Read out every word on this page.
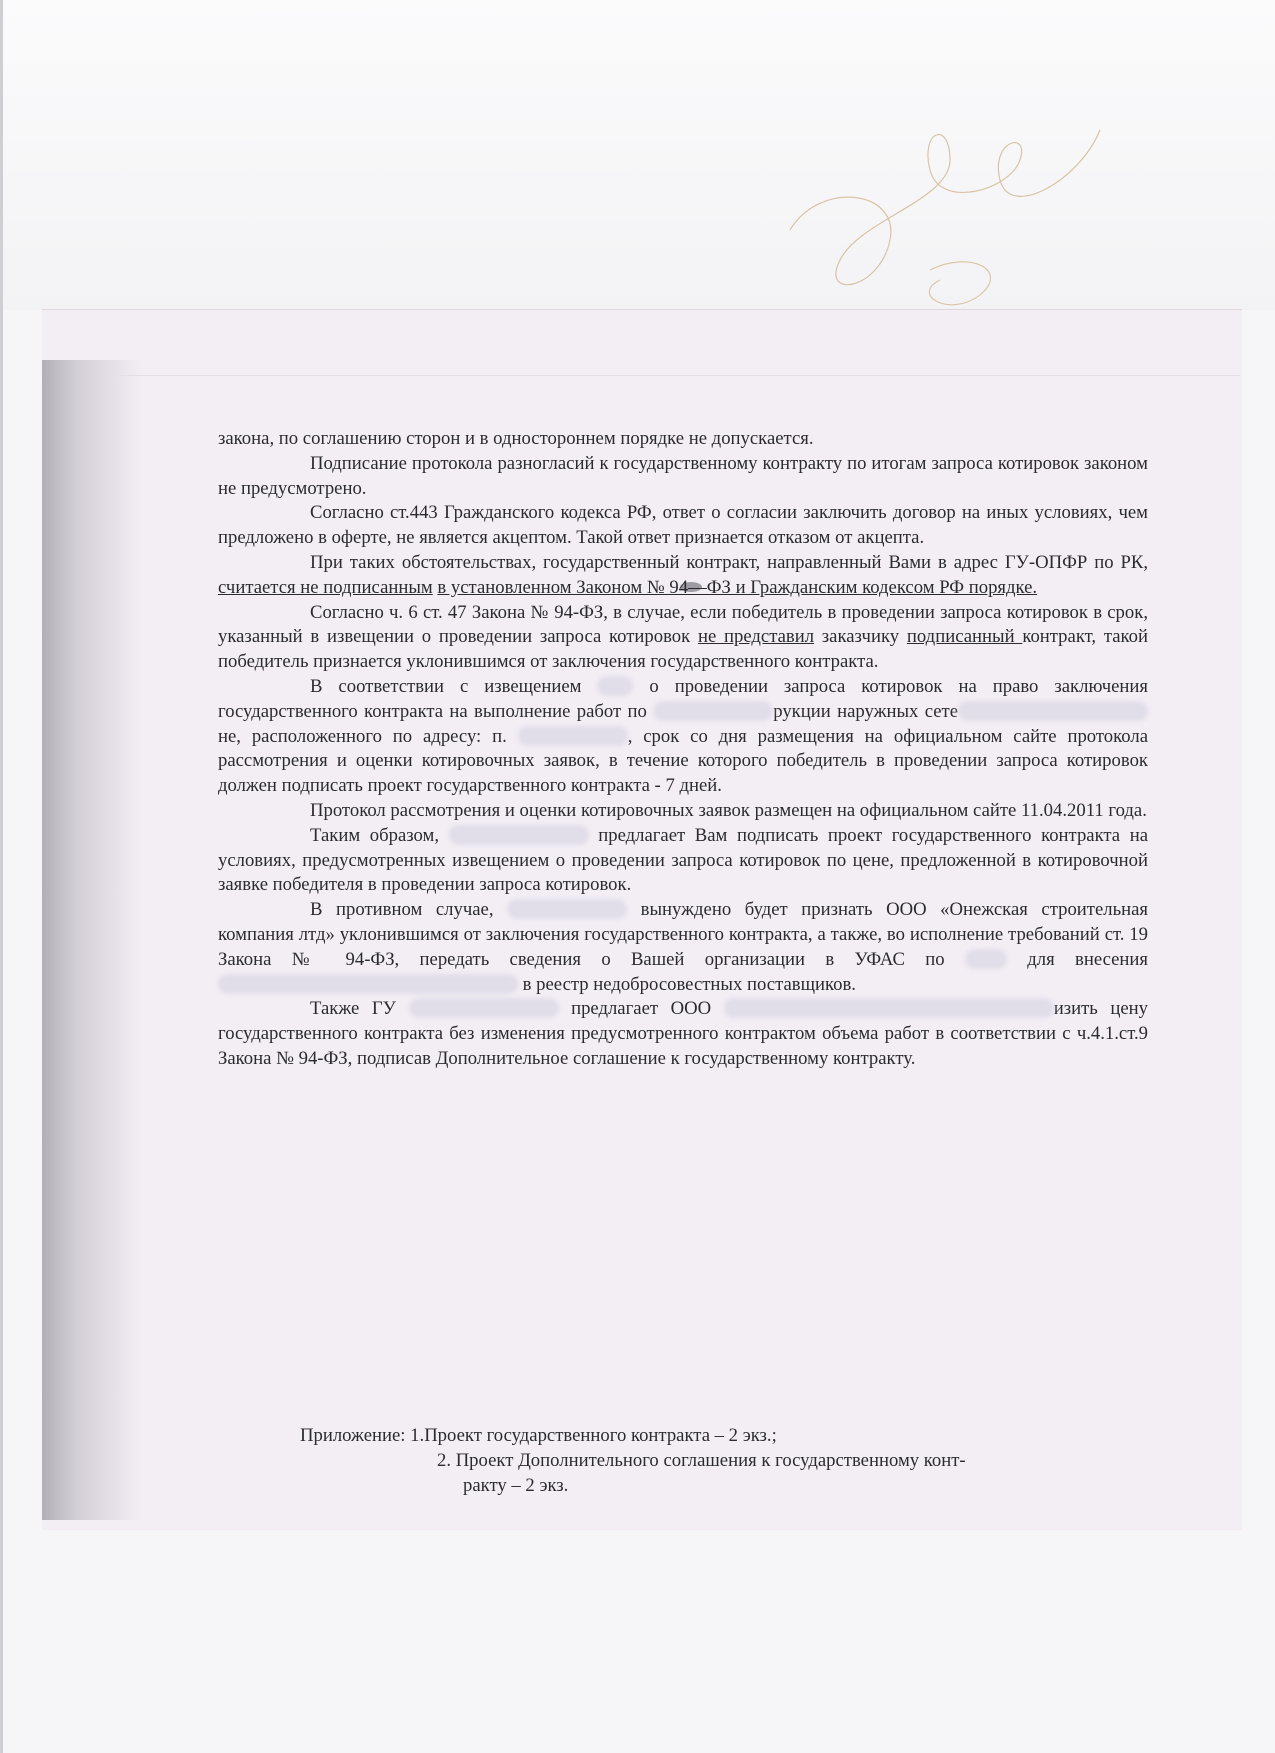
закона, по соглашению сторон и в одностороннем порядке не допускается.

Подписание протокола разногласий к государственному контракту по итогам запроса котировок законом не предусмотрено.

Согласно ст.443 Гражданского кодекса РФ, ответ о согласии заключить договор на иных условиях, чем предложено в оферте, не является акцептом. Такой ответ признается отказом от акцепта.

При таких обстоятельствах, государственный контракт, направленный Вами в адрес ГУ-ОПФР по РК, считается не подписанным в установленном Законом № 94—ФЗ и Гражданским кодексом РФ порядке.

Согласно ч. 6 ст. 47 Закона № 94-ФЗ, в случае, если победитель в проведении запроса котировок в срок, указанный в извещении о проведении запроса котировок не представил заказчику подписанный контракт, такой победитель признается уклонившимся от заключения государственного контракта.

В соответствии с извещением  о проведении запроса котировок на право заключения государственного контракта на выполнение работ по	рукции наружных сетене, расположенного по адресу: п.	, срок со дня размещения на официальном сайте протокола рассмотрения и оценки котировочных заявок, в течение которого победитель в проведении запроса котировок должен подписать проект государственного контракта - 7 дней.

Протокол рассмотрения и оценки котировочных заявок размещен на официальном сайте 11.04.2011 года.

Таким образом,	предлагает Вам подписать проект государственного контракта на условиях, предусмотренных извещением о проведении запроса котировок по цене, предложенной в котировочной заявке победителя в проведении запроса котировок.

В противном случае,	вынуждено будет признать ООО «Онежская строительная компания лтд» уклонившимся от заключения государственного контракта, а также, во исполнение требований ст. 19 Закона № 94-ФЗ, передать сведения о Вашей организации в УФАС по  для внесения  в реестр недобросовестных поставщиков.

Также ГУ	предлагает ООО	изить цену государственного контракта без изменения предусмотренного контрактом объема работ в соответствии с ч.4.1.ст.9 Закона № 94-ФЗ, подписав Дополнительное соглашение к государственному контракту.

Приложение: 1.Проект государственного контракта – 2 экз.;
2. Проект Дополнительного соглашения к государственному конт-
ракту – 2 экз.
